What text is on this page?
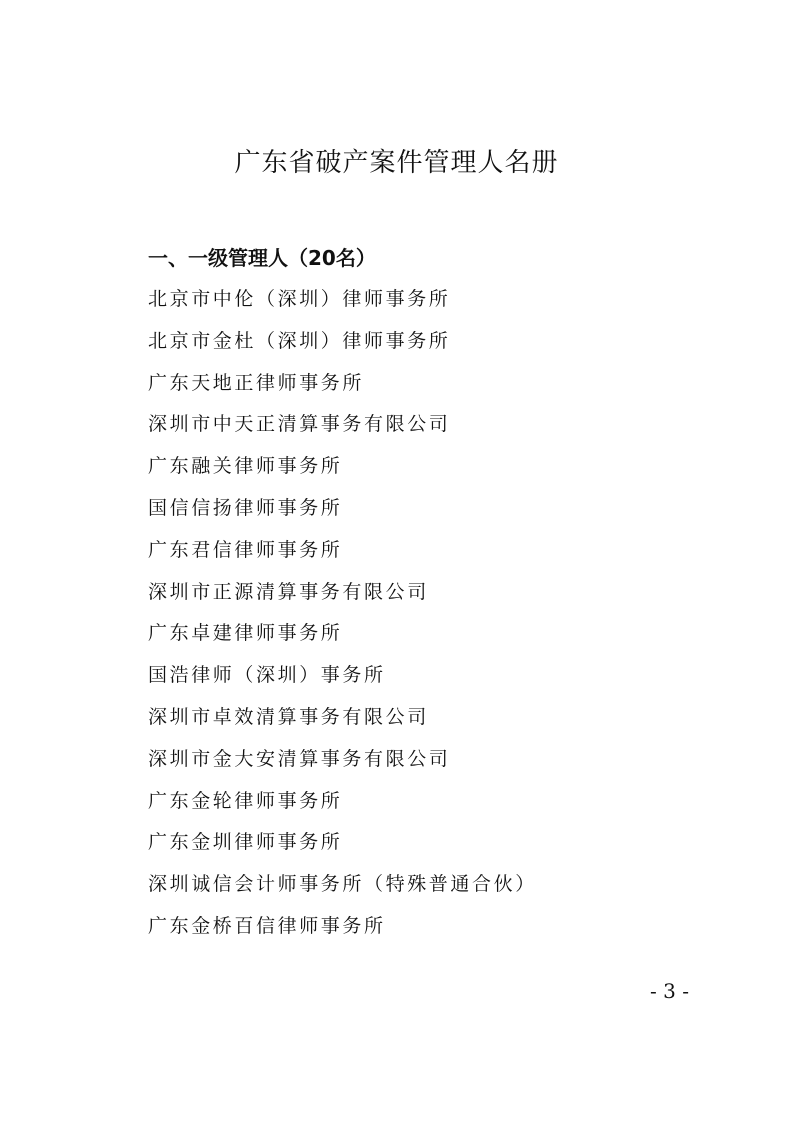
广东省破产案件管理人名册
一、一级管理人（20名）
北京市中伦（深圳）律师事务所
北京市金杜（深圳）律师事务所
广东天地正律师事务所
深圳市中天正清算事务有限公司
广东融关律师事务所
国信信扬律师事务所
广东君信律师事务所
深圳市正源清算事务有限公司
广东卓建律师事务所
国浩律师（深圳）事务所
深圳市卓效清算事务有限公司
深圳市金大安清算事务有限公司
广东金轮律师事务所
广东金圳律师事务所
深圳诚信会计师事务所（特殊普通合伙）
广东金桥百信律师事务所
- 3 -
